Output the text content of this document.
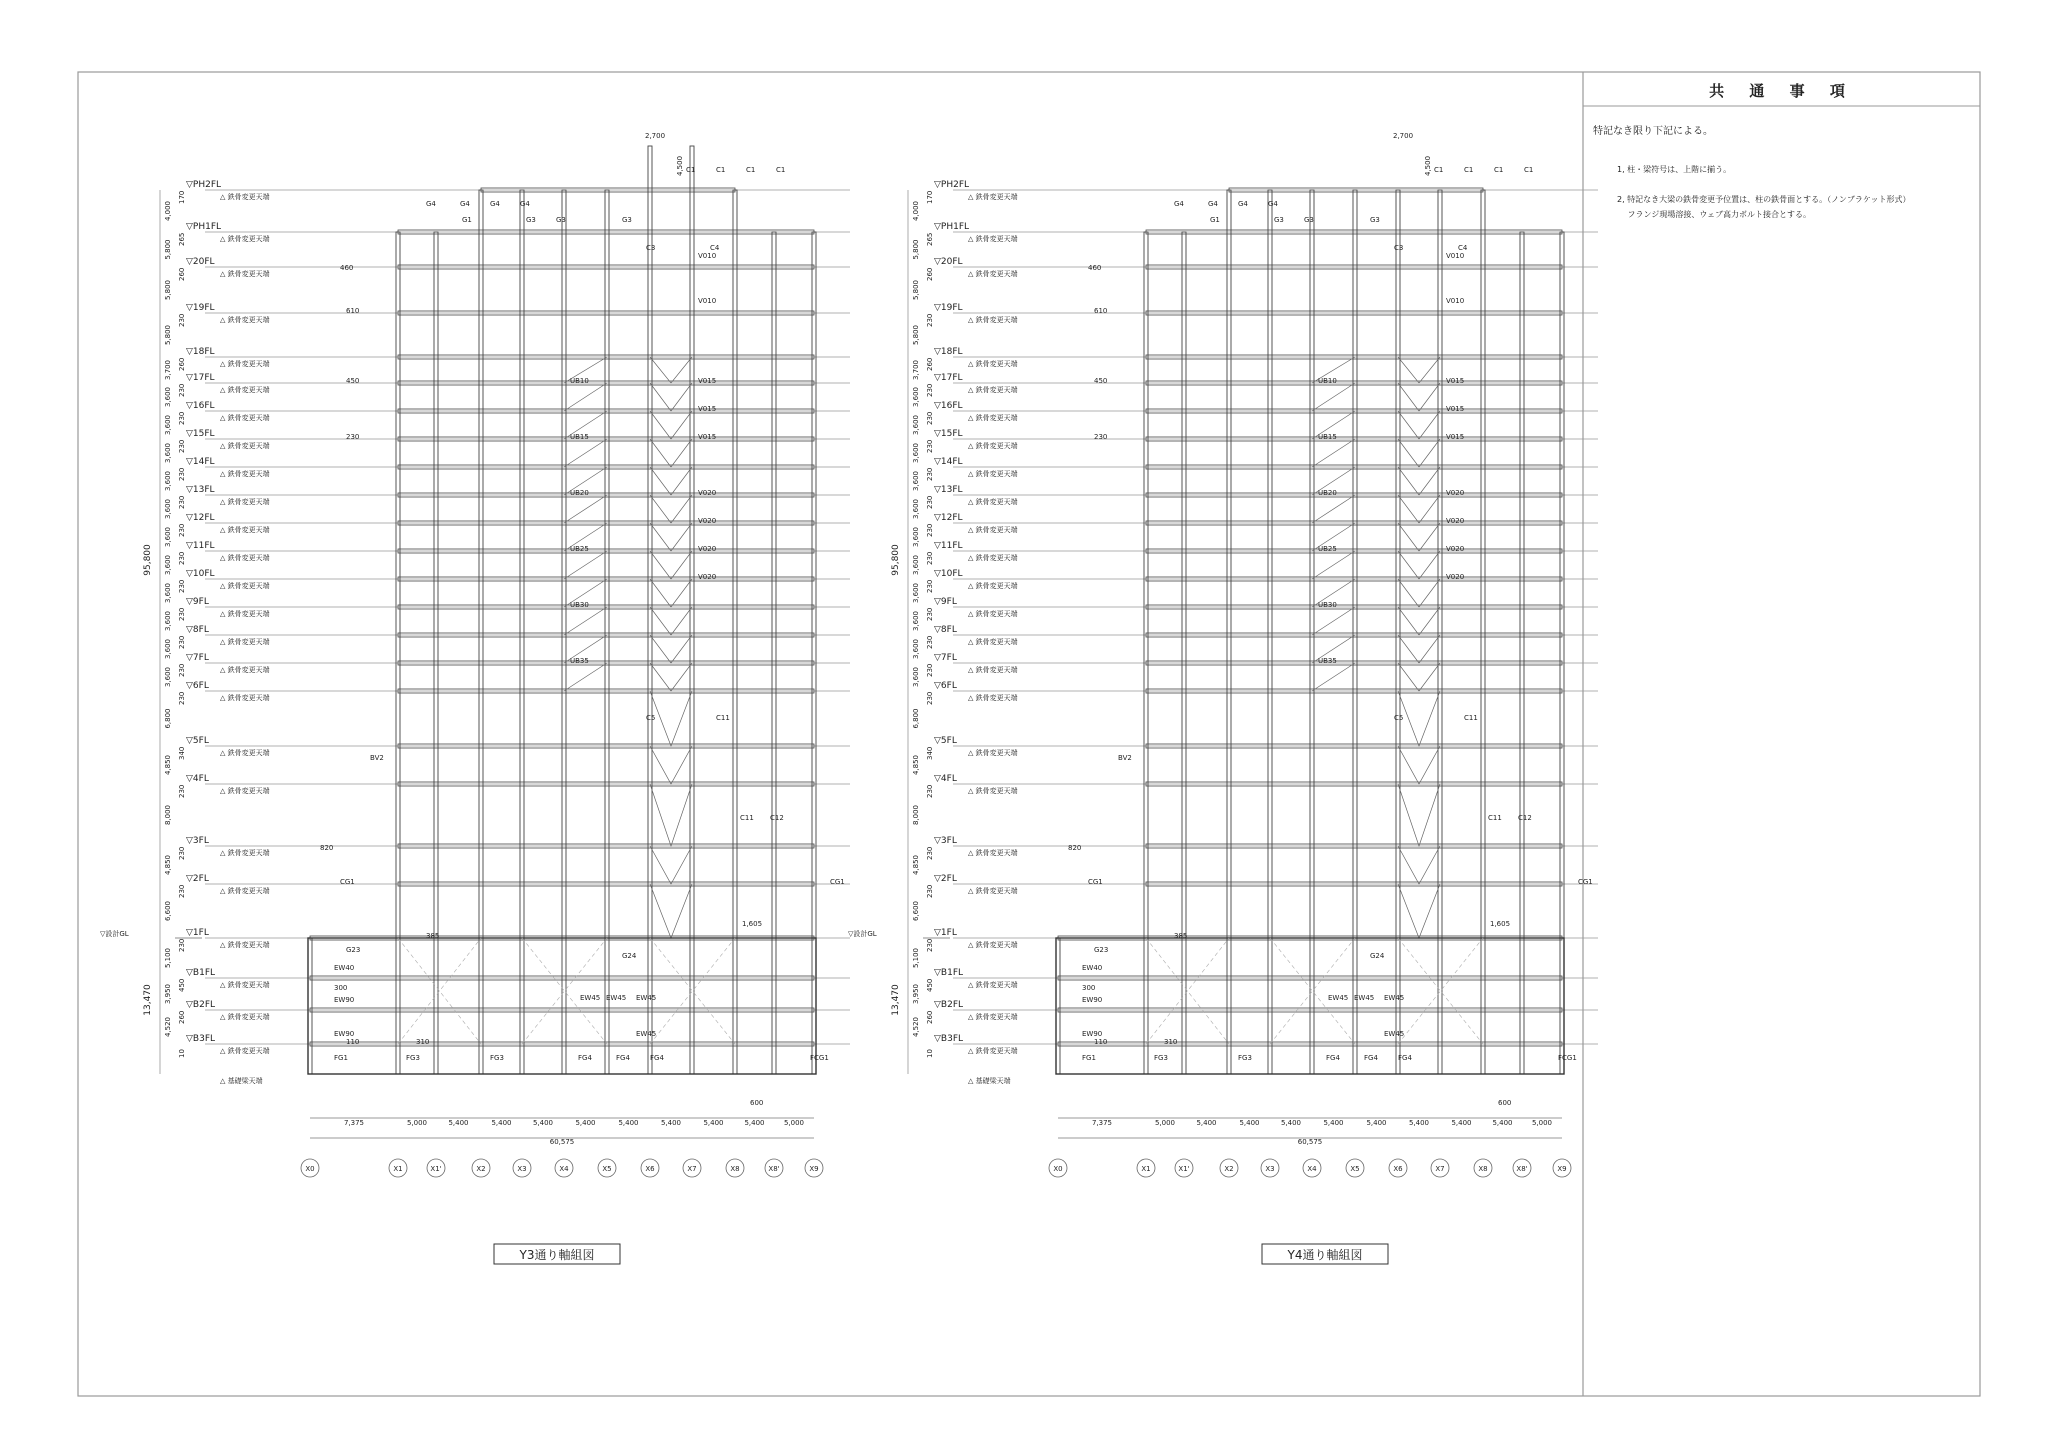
共 通 事 項
特記なき限り下記による。
1, 柱・梁符号は、上階に揃う。
2, 特記なき大梁の鉄骨変更予位置は、柱の鉄骨面とする。（ノンブラケット形式）
　 フランジ現場溶接、ウェブ高力ボルト接合とする。
▽PH2FL
△ 鉄骨変更天端
170
▽PH1FL
△ 鉄骨変更天端
265
4,000
▽20FL
△ 鉄骨変更天端
260
5,800
▽19FL
△ 鉄骨変更天端
230
5,800
▽18FL
△ 鉄骨変更天端
260
5,800
▽17FL
△ 鉄骨変更天端
230
3,700
▽16FL
△ 鉄骨変更天端
230
3,600
▽15FL
△ 鉄骨変更天端
230
3,600
▽14FL
△ 鉄骨変更天端
230
3,600
▽13FL
△ 鉄骨変更天端
230
3,600
▽12FL
△ 鉄骨変更天端
230
3,600
▽11FL
△ 鉄骨変更天端
230
3,600
▽10FL
△ 鉄骨変更天端
230
3,600
▽9FL
△ 鉄骨変更天端
230
3,600
▽8FL
△ 鉄骨変更天端
230
3,600
▽7FL
△ 鉄骨変更天端
230
3,600
▽6FL
△ 鉄骨変更天端
230
3,600
▽5FL
△ 鉄骨変更天端
340
6,800
▽4FL
△ 鉄骨変更天端
230
4,850
▽3FL
△ 鉄骨変更天端
230
8,000
▽2FL
△ 鉄骨変更天端
230
4,850
▽1FL
△ 鉄骨変更天端
230
6,600
▽B1FL
△ 鉄骨変更天端
450
5,100
▽B2FL
△ 鉄骨変更天端
260
3,950
▽B3FL
△ 鉄骨変更天端
10
4,520
△ 基礎梁天端
▽設計GL
95,800
13,470
C1	C1	C1	C1
C3	C4
C5	C11
C11 C12
G1	G3	G3	G3
G4	G4	G4	G4
G23
G24
CG1	CG1
FG1	FG3	FG3	FG4	FG4	FG4	FCG1
V010
V010
V015
V015
V015
V020
V020
V020
V020
UB10
UB15
UB20
UB25
UB30
UB35
BV2
EW40
EW90
EW90
EW45 EW45 EW45
EW45
460
610
450
230
385
300
110	310
820
1,605
2,700
4,500
600
7,375	5,000	5,400	5,400	5,400	5,400	5,400	5,400	5,400	5,400	5,000
60,575
X0	X1	X1'	X2	X3	X4	X5	X6	X7	X8	X8'	X9
▽PH2FL
△ 鉄骨変更天端
170
▽PH1FL
△ 鉄骨変更天端
265
4,000
▽20FL
△ 鉄骨変更天端
260
5,800
▽19FL
△ 鉄骨変更天端
230
5,800
▽18FL
△ 鉄骨変更天端
260
5,800
▽17FL
△ 鉄骨変更天端
230
3,700
▽16FL
△ 鉄骨変更天端
230
3,600
▽15FL
△ 鉄骨変更天端
230
3,600
▽14FL
△ 鉄骨変更天端
230
3,600
▽13FL
△ 鉄骨変更天端
230
3,600
▽12FL
△ 鉄骨変更天端
230
3,600
▽11FL
△ 鉄骨変更天端
230
3,600
▽10FL
△ 鉄骨変更天端
230
3,600
▽9FL
△ 鉄骨変更天端
230
3,600
▽8FL
△ 鉄骨変更天端
230
3,600
▽7FL
△ 鉄骨変更天端
230
3,600
▽6FL
△ 鉄骨変更天端
230
3,600
▽5FL
△ 鉄骨変更天端
340
6,800
▽4FL
△ 鉄骨変更天端
230
4,850
▽3FL
△ 鉄骨変更天端
230
8,000
▽2FL
△ 鉄骨変更天端
230
4,850
▽1FL
△ 鉄骨変更天端
230
6,600
▽B1FL
△ 鉄骨変更天端
450
5,100
▽B2FL
△ 鉄骨変更天端
260
3,950
▽B3FL
△ 鉄骨変更天端
10
4,520
△ 基礎梁天端
▽設計GL
95,800
13,470
C1	C1	C1	C1
C3	C4
C5	C11
C11 C12
G1	G3	G3	G3
G4	G4	G4	G4
G23
G24
CG1	CG1
FG1	FG3	FG3	FG4	FG4	FG4	FCG1
V010
V010
V015
V015
V015
V020
V020
V020
V020
UB10
UB15
UB20
UB25
UB30
UB35
BV2
EW40
EW90
EW90
EW45 EW45 EW45
EW45
460
610
450
230
385
300
110	310
820
1,605
2,700
4,500
600
7,375	5,000	5,400	5,400	5,400	5,400	5,400	5,400	5,400	5,400	5,000
60,575
X0	X1	X1'	X2	X3	X4	X5	X6	X7	X8	X8'	X9
Y3通り軸組図	Y4通り軸組図
